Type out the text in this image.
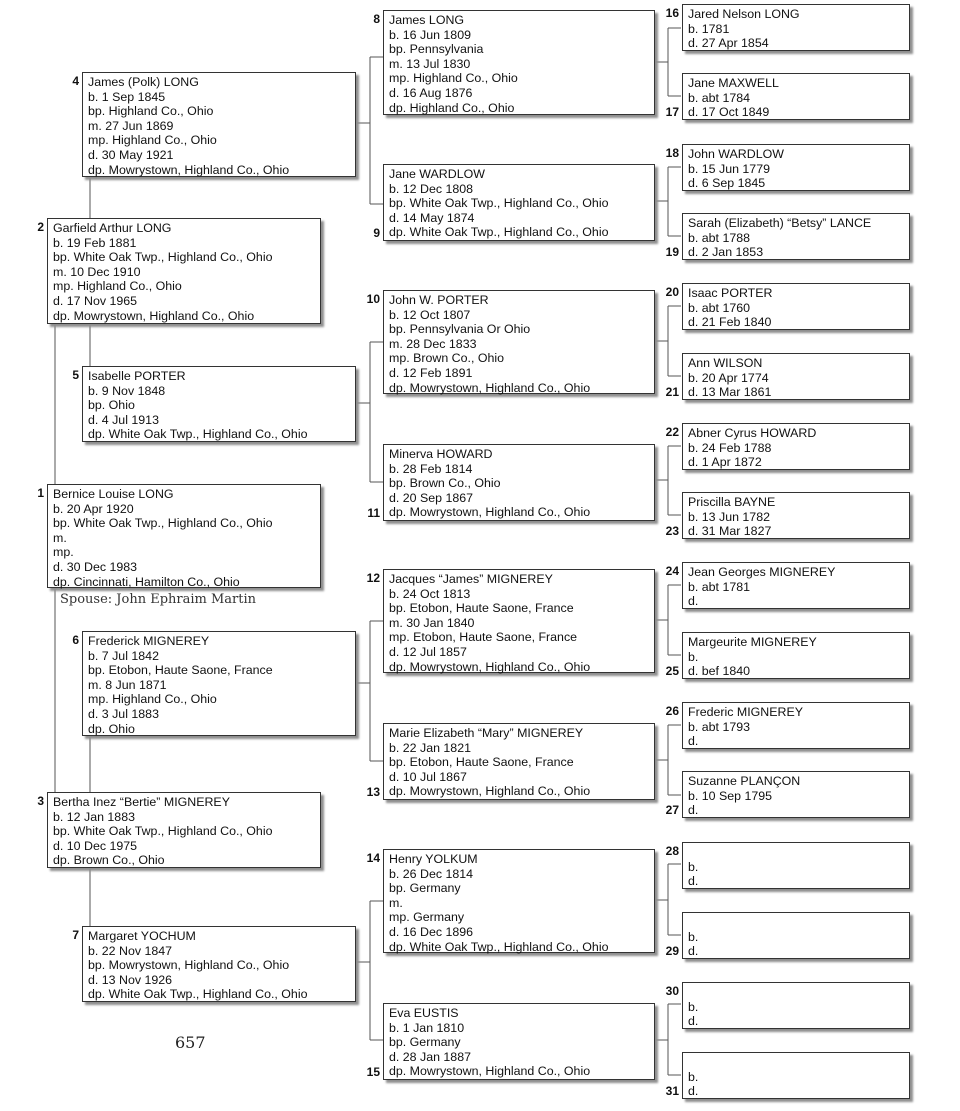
Bernice Louise LONG
b. 20 Apr 1920
bp. White Oak Twp., Highland Co., Ohio
m.
mp.
d. 30 Dec 1983
dp. Cincinnati, Hamilton Co., Ohio
1
Garfield Arthur LONG
b. 19 Feb 1881
bp. White Oak Twp., Highland Co., Ohio
m. 10 Dec 1910
mp. Highland Co., Ohio
d. 17 Nov 1965
dp. Mowrystown, Highland Co., Ohio
2
Bertha Inez “Bertie” MIGNEREY
b. 12 Jan 1883
bp. White Oak Twp., Highland Co., Ohio
d. 10 Dec 1975
dp. Brown Co., Ohio
3
James (Polk) LONG
b. 1 Sep 1845
bp. Highland Co., Ohio
m. 27 Jun 1869
mp. Highland Co., Ohio
d. 30 May 1921
dp. Mowrystown, Highland Co., Ohio
4
Isabelle PORTER
b. 9 Nov 1848
bp. Ohio
d. 4 Jul 1913
dp. White Oak Twp., Highland Co., Ohio
5
Frederick MIGNEREY
b. 7 Jul 1842
bp. Etobon, Haute Saone, France
m. 8 Jun 1871
mp. Highland Co., Ohio
d. 3 Jul 1883
dp. Ohio
6
Margaret YOCHUM
b. 22 Nov 1847
bp. Mowrystown, Highland Co., Ohio
d. 13 Nov 1926
dp. White Oak Twp., Highland Co., Ohio
7
James LONG
b. 16 Jun 1809
bp. Pennsylvania
m. 13 Jul 1830
mp. Highland Co., Ohio
d. 16 Aug 1876
dp. Highland Co., Ohio
8
Jane WARDLOW
b. 12 Dec 1808
bp. White Oak Twp., Highland Co., Ohio
d. 14 May 1874
dp. White Oak Twp., Highland Co., Ohio
9
John W. PORTER
b. 12 Oct 1807
bp. Pennsylvania Or Ohio
m. 28 Dec 1833
mp. Brown Co., Ohio
d. 12 Feb 1891
dp. Mowrystown, Highland Co., Ohio
10
Minerva HOWARD
b. 28 Feb 1814
bp. Brown Co., Ohio
d. 20 Sep 1867
dp. Mowrystown, Highland Co., Ohio
11
Jacques “James” MIGNEREY
b. 24 Oct 1813
bp. Etobon, Haute Saone, France
m. 30 Jan 1840
mp. Etobon, Haute Saone, France
d. 12 Jul 1857
dp. Mowrystown, Highland Co., Ohio
12
Marie Elizabeth “Mary” MIGNEREY
b. 22 Jan 1821
bp. Etobon, Haute Saone, France
d. 10 Jul 1867
dp. Mowrystown, Highland Co., Ohio
13
Henry YOLKUM
b. 26 Dec 1814
bp. Germany
m.
mp. Germany
d. 16 Dec 1896
dp. White Oak Twp., Highland Co., Ohio
14
Eva EUSTIS
b. 1 Jan 1810
bp. Germany
d. 28 Jan 1887
dp. Mowrystown, Highland Co., Ohio
15
Jared Nelson LONG
b. 1781
d. 27 Apr 1854
16
Jane MAXWELL
b. abt 1784
d. 17 Oct 1849
17
John WARDLOW
b. 15 Jun 1779
d. 6 Sep 1845
18
Sarah (Elizabeth) “Betsy” LANCE
b. abt 1788
d. 2 Jan 1853
19
Isaac PORTER
b. abt 1760
d. 21 Feb 1840
20
Ann WILSON
b. 20 Apr 1774
d. 13 Mar 1861
21
Abner Cyrus HOWARD
b. 24 Feb 1788
d. 1 Apr 1872
22
Priscilla BAYNE
b. 13 Jun 1782
d. 31 Mar 1827
23
Jean Georges MIGNEREY
b. abt 1781
d.
24
Margeurite MIGNEREY
b.
d. bef 1840
25
Frederic MIGNEREY
b. abt 1793
d.
26
Suzanne PLANÇON
b. 10 Sep 1795
d.
27

b.
d.
28

b.
d.
29

b.
d.
30

b.
d.
31
Spouse: John Ephraim Martin
657
